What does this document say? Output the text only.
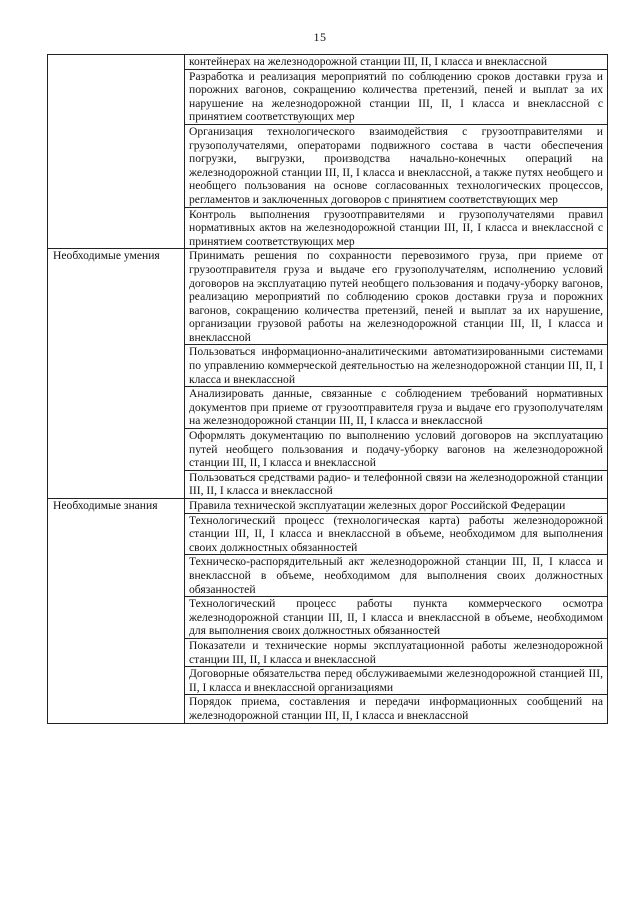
15
	контейнерах на железнодорожной станции III, II, I класса и внеклассной
	Разработка и реализация мероприятий по соблюдению сроков доставки груза и порожних вагонов, сокращению количества претензий, пеней и выплат за их нарушение на железнодорожной станции III, II, I класса и внеклассной с принятием соответствующих мер
	Организация технологического взаимодействия с грузоотправителями и грузополучателями, операторами подвижного состава в части обеспечения погрузки, выгрузки, производства начально-конечных операций на железнодорожной станции III, II, I класса и внеклассной, а также путях необщего и необщего пользования на основе согласованных технологических процессов, регламентов и заключенных договоров с принятием соответствующих мер
	Контроль выполнения грузоотправителями и грузополучателями правил нормативных актов на железнодорожной станции III, II, I класса и внеклассной с принятием соответствующих мер
Необходимые умения	Принимать решения по сохранности перевозимого груза, при приеме от грузоотправителя груза и выдаче его грузополучателям, исполнению условий договоров на эксплуатацию путей необщего пользования и подачу-уборку вагонов, реализацию мероприятий по соблюдению сроков доставки груза и порожних вагонов, сокращению количества претензий, пеней и выплат за их нарушение, организации грузовой работы на железнодорожной станции III, II, I класса и внеклассной
	Пользоваться информационно-аналитическими автоматизированными системами по управлению коммерческой деятельностью на железнодорожной станции III, II, I класса и внеклассной
	Анализировать данные, связанные с соблюдением требований нормативных документов при приеме от грузоотправителя груза и выдаче его грузополучателям на железнодорожной станции III, II, I класса и внеклассной
	Оформлять документацию по выполнению условий договоров на эксплуатацию путей необщего пользования и подачу-уборку вагонов на железнодорожной станции III, II, I класса и внеклассной
	Пользоваться средствами радио- и телефонной связи на железнодорожной станции III, II, I класса и внеклассной
Необходимые знания	Правила технической эксплуатации железных дорог Российской Федерации
	Технологический процесс (технологическая карта) работы железнодорожной станции III, II, I класса и внеклассной в объеме, необходимом для выполнения своих должностных обязанностей
	Техническо-распорядительный акт железнодорожной станции III, II, I класса и внеклассной в объеме, необходимом для выполнения своих должностных обязанностей
	Технологический процесс работы пункта коммерческого осмотра железнодорожной станции III, II, I класса и внеклассной в объеме, необходимом для выполнения своих должностных обязанностей
	Показатели и технические нормы эксплуатационной работы железнодорожной станции III, II, I класса и внеклассной
	Договорные обязательства перед обслуживаемыми железнодорожной станцией III, II, I класса и внеклассной организациями
	Порядок приема, составления и передачи информационных сообщений на железнодорожной станции III, II, I класса и внеклассной
